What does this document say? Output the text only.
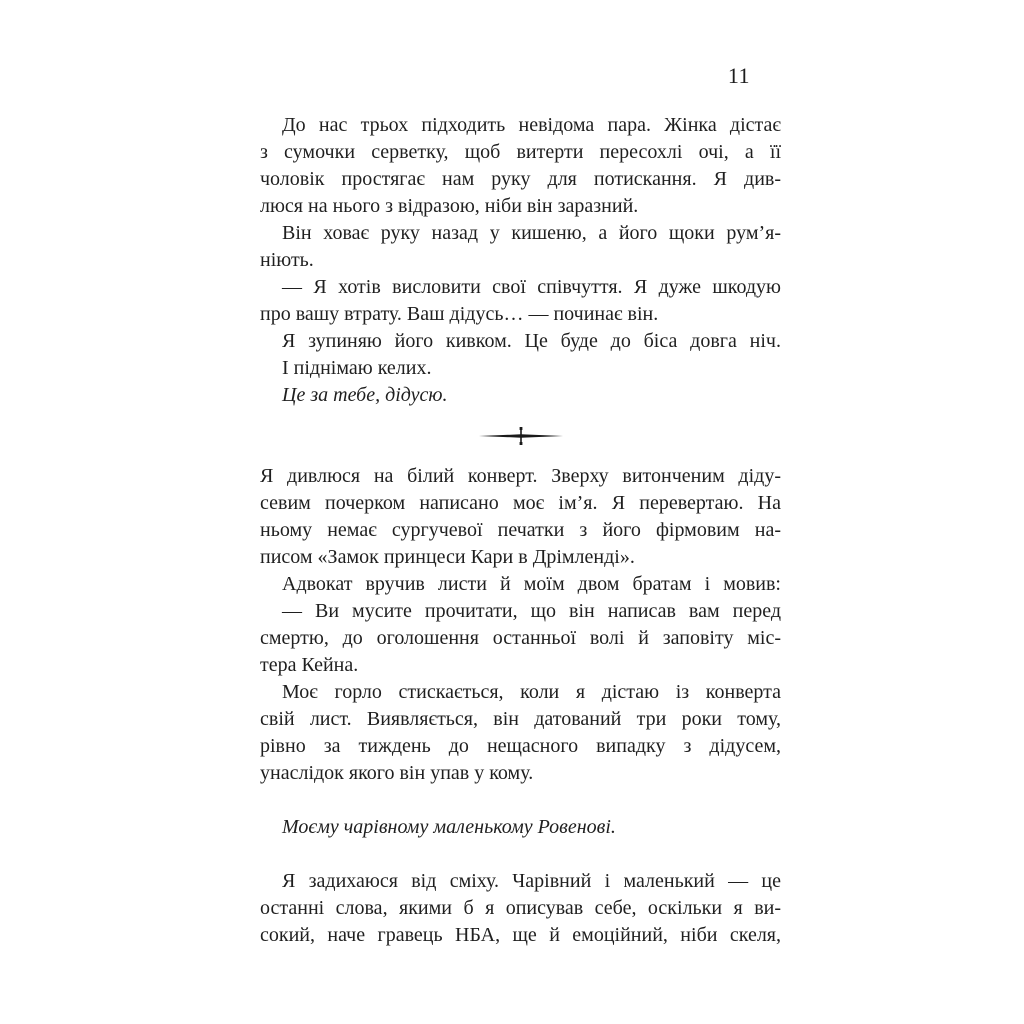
11
До нас трьох підходить невідома пара. Жінка дістає
з сумочки серветку, щоб витерти пересохлі очі, а її
чоловік простягає нам руку для потискання. Я див-
люся на нього з відразою, ніби він заразний.
Він ховає руку назад у кишеню, а його щоки рум’я-
ніють.
— Я хотів висловити свої співчуття. Я дуже шкодую
про вашу втрату. Ваш дідусь… — починає він.
Я зупиняю його кивком. Це буде до біса довга ніч.
І піднімаю келих.
Це за тебе, дідусю.
Я дивлюся на білий конверт. Зверху витонченим діду-
севим почерком написано моє ім’я. Я перевертаю. На
ньому немає сургучевої печатки з його фірмовим на-
писом «Замок принцеси Кари в Дрімленді».
Адвокат вручив листи й моїм двом братам і мовив:
— Ви мусите прочитати, що він написав вам перед
смертю, до оголошення останньої волі й заповіту міс-
тера Кейна.
Моє горло стискається, коли я дістаю із конверта
свій лист. Виявляється, він датований три роки тому,
рівно за тиждень до нещасного випадку з дідусем,
унаслідок якого він упав у кому.
Моєму чарівному маленькому Ровенові.
Я задихаюся від сміху. Чарівний і маленький — це
останні слова, якими б я описував себе, оскільки я ви-
сокий, наче гравець НБА, ще й емоційний, ніби скеля,
